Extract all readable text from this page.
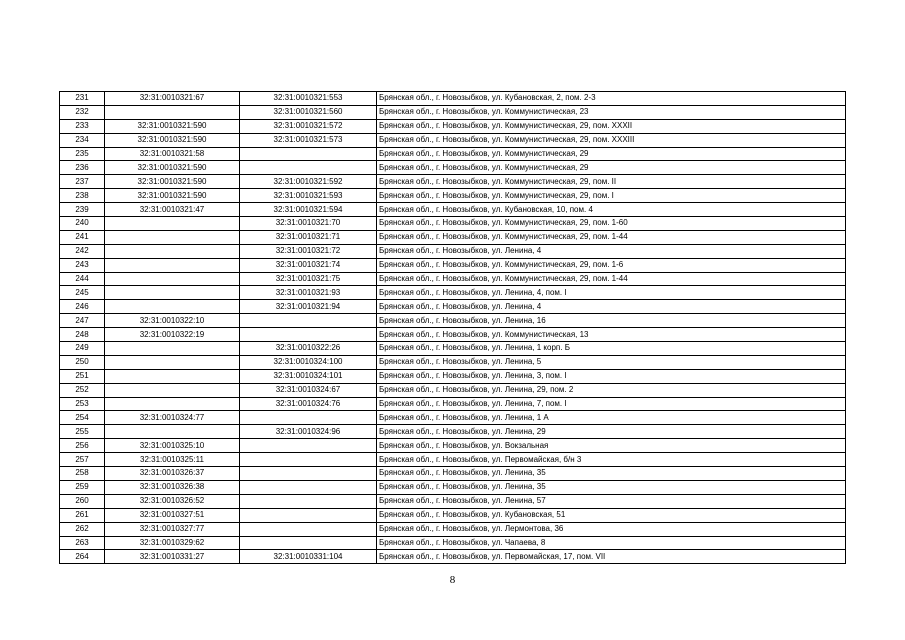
231	32:31:0010321:67	32:31:0010321:553	Брянская обл., г. Новозыбков, ул. Кубановская, 2, пом. 2-3
232		32:31:0010321:560	Брянская обл., г. Новозыбков, ул. Коммунистическая, 23
233	32:31:0010321:590	32:31:0010321:572	Брянская обл., г. Новозыбков, ул. Коммунистическая, 29, пом. XXXII
234	32:31:0010321:590	32:31:0010321:573	Брянская обл., г. Новозыбков, ул. Коммунистическая, 29, пом. XXXIII
235	32:31:0010321:58		Брянская обл., г. Новозыбков, ул. Коммунистическая, 29
236	32:31:0010321:590		Брянская обл., г. Новозыбков, ул. Коммунистическая, 29
237	32:31:0010321:590	32:31:0010321:592	Брянская обл., г. Новозыбков, ул. Коммунистическая, 29, пом. II
238	32:31:0010321:590	32:31:0010321:593	Брянская обл., г. Новозыбков, ул. Коммунистическая, 29, пом. I
239	32:31:0010321:47	32:31:0010321:594	Брянская обл., г. Новозыбков, ул. Кубановская, 10, пом. 4
240		32:31:0010321:70	Брянская обл., г. Новозыбков, ул. Коммунистическая, 29, пом. 1-60
241		32:31:0010321:71	Брянская обл., г. Новозыбков, ул. Коммунистическая, 29, пом. 1-44
242		32:31:0010321:72	Брянская обл., г. Новозыбков, ул. Ленина, 4
243		32:31:0010321:74	Брянская обл., г. Новозыбков, ул. Коммунистическая, 29, пом. 1-6
244		32:31:0010321:75	Брянская обл., г. Новозыбков, ул. Коммунистическая, 29, пом. 1-44
245		32:31:0010321:93	Брянская обл., г. Новозыбков, ул. Ленина, 4, пом. I
246		32:31:0010321:94	Брянская обл., г. Новозыбков, ул. Ленина, 4
247	32:31:0010322:10		Брянская обл., г. Новозыбков, ул. Ленина, 16
248	32:31:0010322:19		Брянская обл., г. Новозыбков, ул. Коммунистическая, 13
249		32:31:0010322:26	Брянская обл., г. Новозыбков, ул. Ленина, 1 корп. Б
250		32:31:0010324:100	Брянская обл., г. Новозыбков, ул. Ленина, 5
251		32:31:0010324:101	Брянская обл., г. Новозыбков, ул. Ленина, 3, пом. I
252		32:31:0010324:67	Брянская обл., г. Новозыбков, ул. Ленина, 29, пом. 2
253		32:31:0010324:76	Брянская обл., г. Новозыбков, ул. Ленина, 7, пом. I
254	32:31:0010324:77		Брянская обл., г. Новозыбков, ул. Ленина, 1 А
255		32:31:0010324:96	Брянская обл., г. Новозыбков, ул. Ленина, 29
256	32:31:0010325:10		Брянская обл., г. Новозыбков, ул. Вокзальная
257	32:31:0010325:11		Брянская обл., г. Новозыбков, ул. Первомайская, б/н 3
258	32:31:0010326:37		Брянская обл., г. Новозыбков, ул. Ленина, 35
259	32:31:0010326:38		Брянская обл., г. Новозыбков, ул. Ленина, 35
260	32:31:0010326:52		Брянская обл., г. Новозыбков, ул. Ленина, 57
261	32:31:0010327:51		Брянская обл., г. Новозыбков, ул. Кубановская, 51
262	32:31:0010327:77		Брянская обл., г. Новозыбков, ул. Лермонтова, 36
263	32:31:0010329:62		Брянская обл., г. Новозыбков, ул. Чапаева, 8
264	32:31:0010331:27	32:31:0010331:104	Брянская обл., г. Новозыбков, ул. Первомайская, 17, пом. VII
8
